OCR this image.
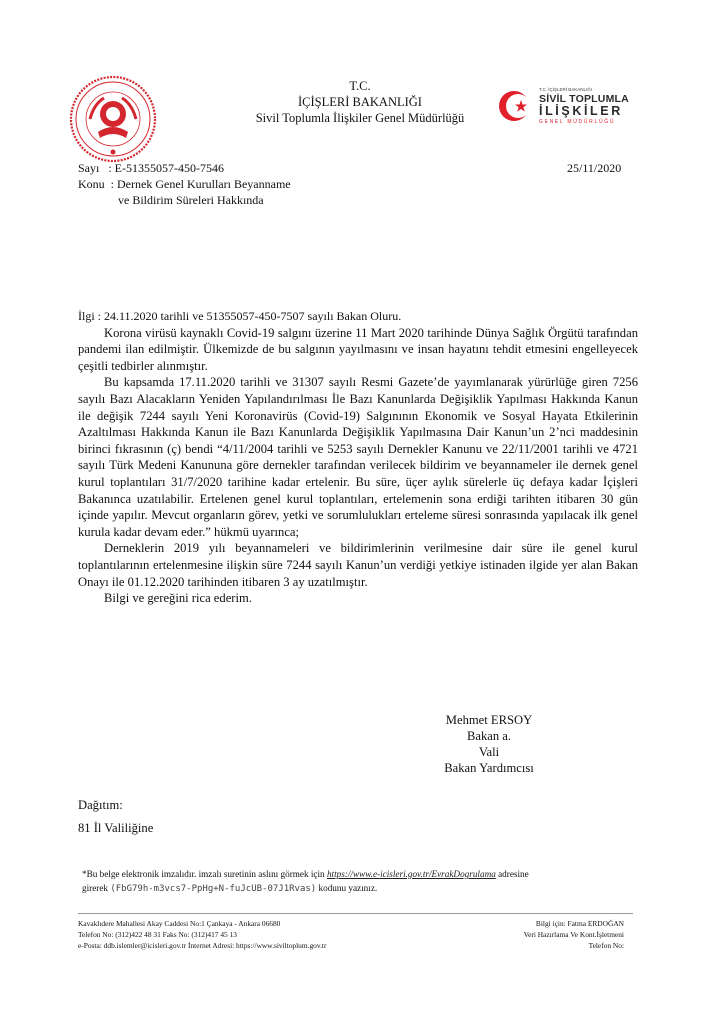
T.C.
İÇİŞLERİ BAKANLIĞI
Sivil Toplumla İlişkiler Genel Müdürlüğü
T.C. İÇİŞLERİ BAKANLIĞI
SİVİL TOPLUMLA
İLİŞKİLER
GENEL MÜDÜRLÜĞÜ
Sayı : E-51355057-450-7546	25/11/2020
Konu : Dernek Genel Kurulları Beyanname
ve Bildirim Süreleri Hakkında

İlgi : 24.11.2020 tarihli ve 51355057-450-7507 sayılı Bakan Oluru.

Korona virüsü kaynaklı Covid-19 salgını üzerine 11 Mart 2020 tarihinde Dünya Sağlık Örgütü tarafından pandemi ilan edilmiştir. Ülkemizde de bu salgının yayılmasını ve insan hayatını tehdit etmesini engelleyecek çeşitli tedbirler alınmıştır.

Bu kapsamda 17.11.2020 tarihli ve 31307 sayılı Resmi Gazete’de yayımlanarak yürürlüğe giren 7256 sayılı Bazı Alacakların Yeniden Yapılandırılması İle Bazı Kanunlarda Değişiklik Yapılması Hakkında Kanun ile değişik 7244 sayılı Yeni Koronavirüs (Covid-19) Salgınının Ekonomik ve Sosyal Hayata Etkilerinin Azaltılması Hakkında Kanun ile Bazı Kanunlarda Değişiklik Yapılmasına Dair Kanun’un 2’nci maddesinin birinci fıkrasının (ç) bendi “4/11/2004 tarihli ve 5253 sayılı Dernekler Kanunu ve 22/11/2001 tarihli ve 4721 sayılı Türk Medeni Kanununa göre dernekler tarafından verilecek bildirim ve beyannameler ile dernek genel kurul toplantıları 31/7/2020 tarihine kadar ertelenir. Bu süre, üçer aylık sürelerle üç defaya kadar İçişleri Bakanınca uzatılabilir. Ertelenen genel kurul toplantıları, ertelemenin sona erdiği tarihten itibaren 30 gün içinde yapılır. Mevcut organların görev, yetki ve sorumlulukları erteleme süresi sonrasında yapılacak ilk genel kurula kadar devam eder.” hükmü uyarınca;

Derneklerin 2019 yılı beyannameleri ve bildirimlerinin verilmesine dair süre ile genel kurul toplantılarının ertelenmesine ilişkin süre 7244 sayılı Kanun’un verdiği yetkiye istinaden ilgide yer alan Bakan Onayı ile 01.12.2020 tarihinden itibaren 3 ay uzatılmıştır.

Bilgi ve gereğini rica ederim.

Mehmet ERSOY
Bakan a.
Vali
Bakan Yardımcısı
Dağıtım:
81 İl Valiliğine
*Bu belge elektronik imzalıdır. imzalı suretinin aslını görmek için https://www.e-icisleri.gov.tr/EvrakDogrulama adresine
girerek (FbG79h-m3vcs7-PpHg+N-fuJcUB-07J1Rvas) kodunu yazınız.
Kavaklıdere Mahallesi Akay Caddesi No:1 Çankaya - Ankara 06680
Telefon No: (312)422 48 31 Faks No: (312)417 45 13
e-Posta: ddb.islemler@icisleri.gov.tr İnternet Adresi: https://www.siviltoplum.gov.tr
Bilgi için: Fatma ERDOĞAN
Veri Hazırlama Ve Kont.İşletmeni
Telefon No:
